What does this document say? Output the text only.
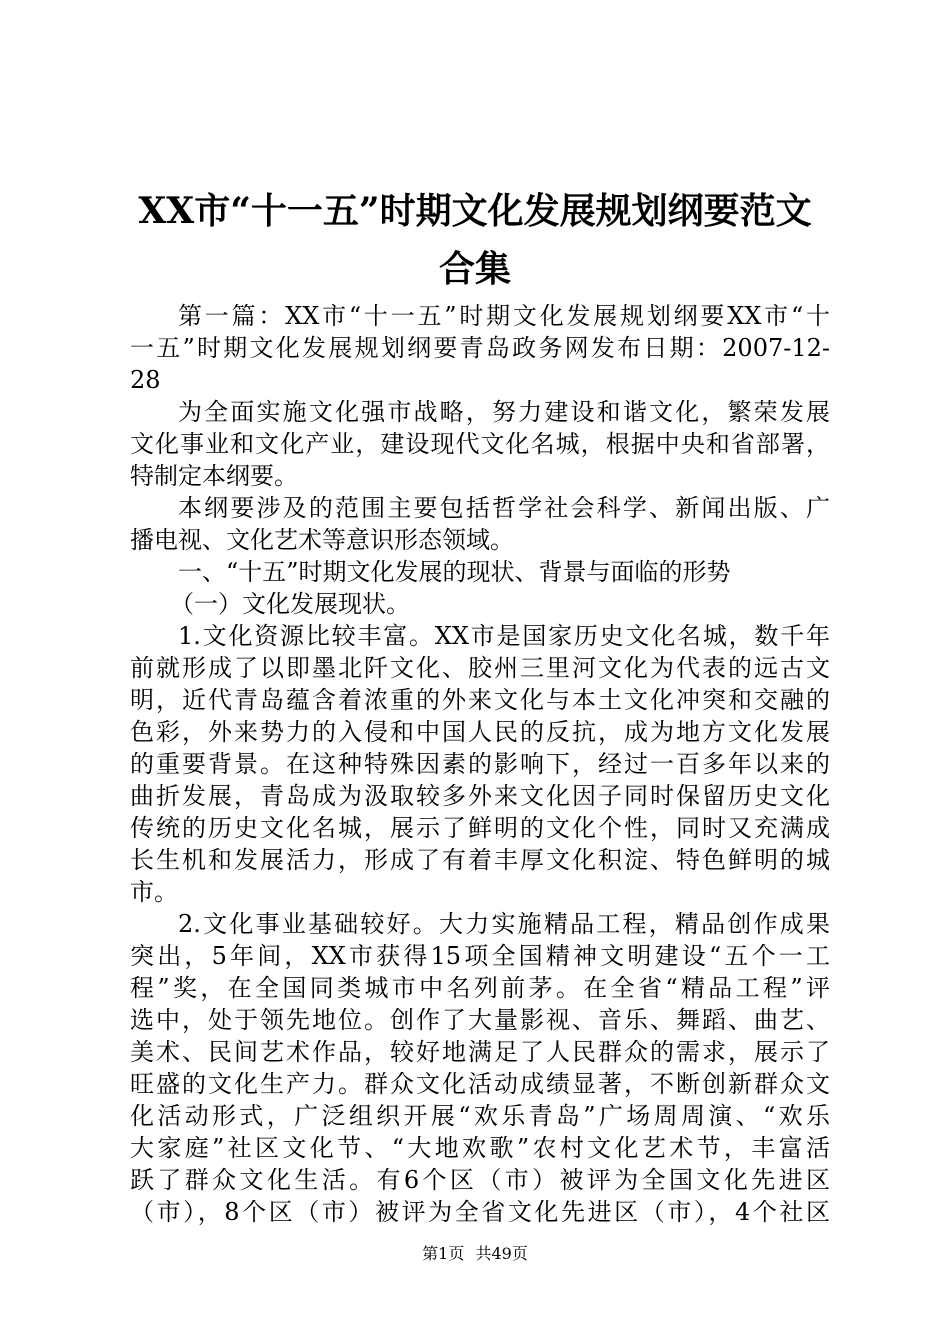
XX市“十一五”时期文化发展规划纲要范文
合集
第一篇：XX市“十一五”时期文化发展规划纲要XX市“十
一五”时期文化发展规划纲要青岛政务网发布日期：2007-12-
28
为全面实施文化强市战略，努力建设和谐文化，繁荣发展
文化事业和文化产业，建设现代文化名城，根据中央和省部署，
特制定本纲要。
本纲要涉及的范围主要包括哲学社会科学、新闻出版、广
播电视、文化艺术等意识形态领域。
一、“十五”时期文化发展的现状、背景与面临的形势
（一）文化发展现状。
1.文化资源比较丰富。XX市是国家历史文化名城，数千年
前就形成了以即墨北阡文化、胶州三里河文化为代表的远古文
明，近代青岛蕴含着浓重的外来文化与本土文化冲突和交融的
色彩，外来势力的入侵和中国人民的反抗，成为地方文化发展
的重要背景。在这种特殊因素的影响下，经过一百多年以来的
曲折发展，青岛成为汲取较多外来文化因子同时保留历史文化
传统的历史文化名城，展示了鲜明的文化个性，同时又充满成
长生机和发展活力，形成了有着丰厚文化积淀、特色鲜明的城
市。
2.文化事业基础较好。大力实施精品工程，精品创作成果
突出，5年间，XX市获得15项全国精神文明建设“五个一工
程”奖，在全国同类城市中名列前茅。在全省“精品工程”评
选中，处于领先地位。创作了大量影视、音乐、舞蹈、曲艺、
美术、民间艺术作品，较好地满足了人民群众的需求，展示了
旺盛的文化生产力。群众文化活动成绩显著，不断创新群众文
化活动形式，广泛组织开展“欢乐青岛”广场周周演、“欢乐
大家庭”社区文化节、“大地欢歌”农村文化艺术节，丰富活
跃了群众文化生活。有6个区（市）被评为全国文化先进区
（市），8个区（市）被评为全省文化先进区（市），4个社区
第1页 共49页
